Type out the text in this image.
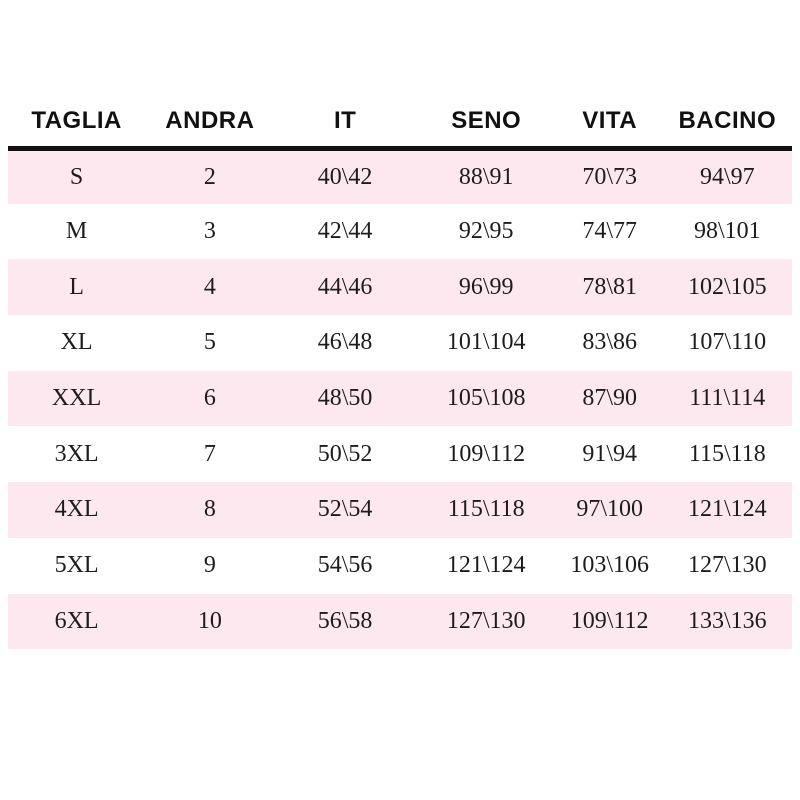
TAGLIA	ANDRA	IT	SENO	VITA	BACINO
S	2	40\42	88\91	70\73	94\97
M	3	42\44	92\95	74\77	98\101
L	4	44\46	96\99	78\81	102\105
XL	5	46\48	101\104	83\86	107\110
XXL	6	48\50	105\108	87\90	111\114
3XL	7	50\52	109\112	91\94	115\118
4XL	8	52\54	115\118	97\100	121\124
5XL	9	54\56	121\124	103\106	127\130
6XL	10	56\58	127\130	109\112	133\136
